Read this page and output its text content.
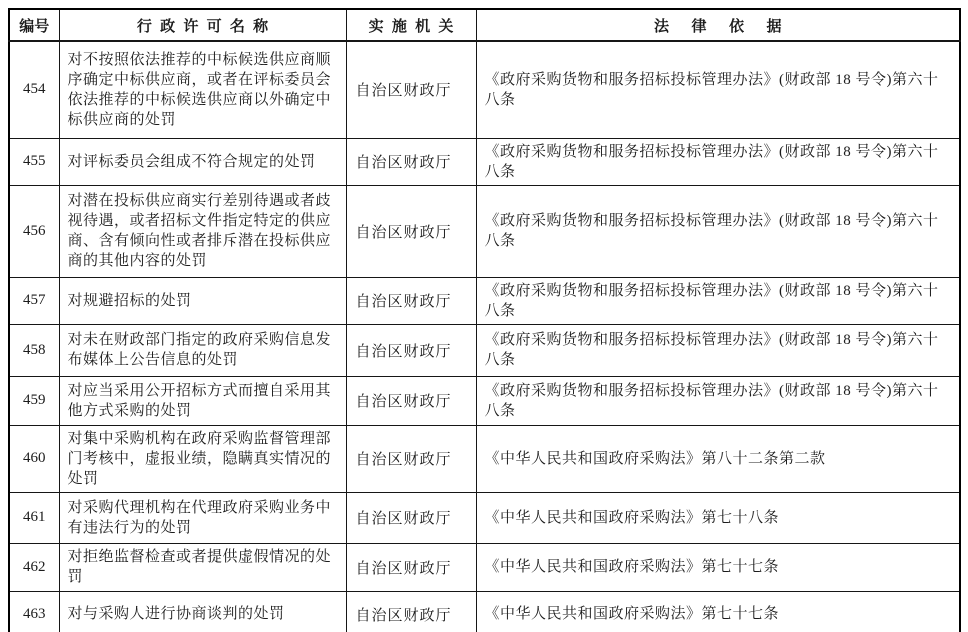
编号	行政许可名称	实施机关	法律依据
454	对不按照依法推荐的中标候选供应商顺序确定中标供应商，或者在评标委员会依法推荐的中标候选供应商以外确定中标供应商的处罚	自治区财政厅	《政府采购货物和服务招标投标管理办法》(财政部 18 号令)第六十八条
455	对评标委员会组成不符合规定的处罚	自治区财政厅	《政府采购货物和服务招标投标管理办法》(财政部 18 号令)第六十八条
456	对潜在投标供应商实行差别待遇或者歧视待遇，或者招标文件指定特定的供应商、含有倾向性或者排斥潜在投标供应商的其他内容的处罚	自治区财政厅	《政府采购货物和服务招标投标管理办法》(财政部 18 号令)第六十八条
457	对规避招标的处罚	自治区财政厅	《政府采购货物和服务招标投标管理办法》(财政部 18 号令)第六十八条
458	对未在财政部门指定的政府采购信息发布媒体上公告信息的处罚	自治区财政厅	《政府采购货物和服务招标投标管理办法》(财政部 18 号令)第六十八条
459	对应当采用公开招标方式而擅自采用其他方式采购的处罚	自治区财政厅	《政府采购货物和服务招标投标管理办法》(财政部 18 号令)第六十八条
460	对集中采购机构在政府采购监督管理部门考核中，虚报业绩，隐瞒真实情况的处罚	自治区财政厅	《中华人民共和国政府采购法》第八十二条第二款
461	对采购代理机构在代理政府采购业务中有违法行为的处罚	自治区财政厅	《中华人民共和国政府采购法》第七十八条
462	对拒绝监督检查或者提供虚假情况的处罚	自治区财政厅	《中华人民共和国政府采购法》第七十七条
463	对与采购人进行协商谈判的处罚	自治区财政厅	《中华人民共和国政府采购法》第七十七条
